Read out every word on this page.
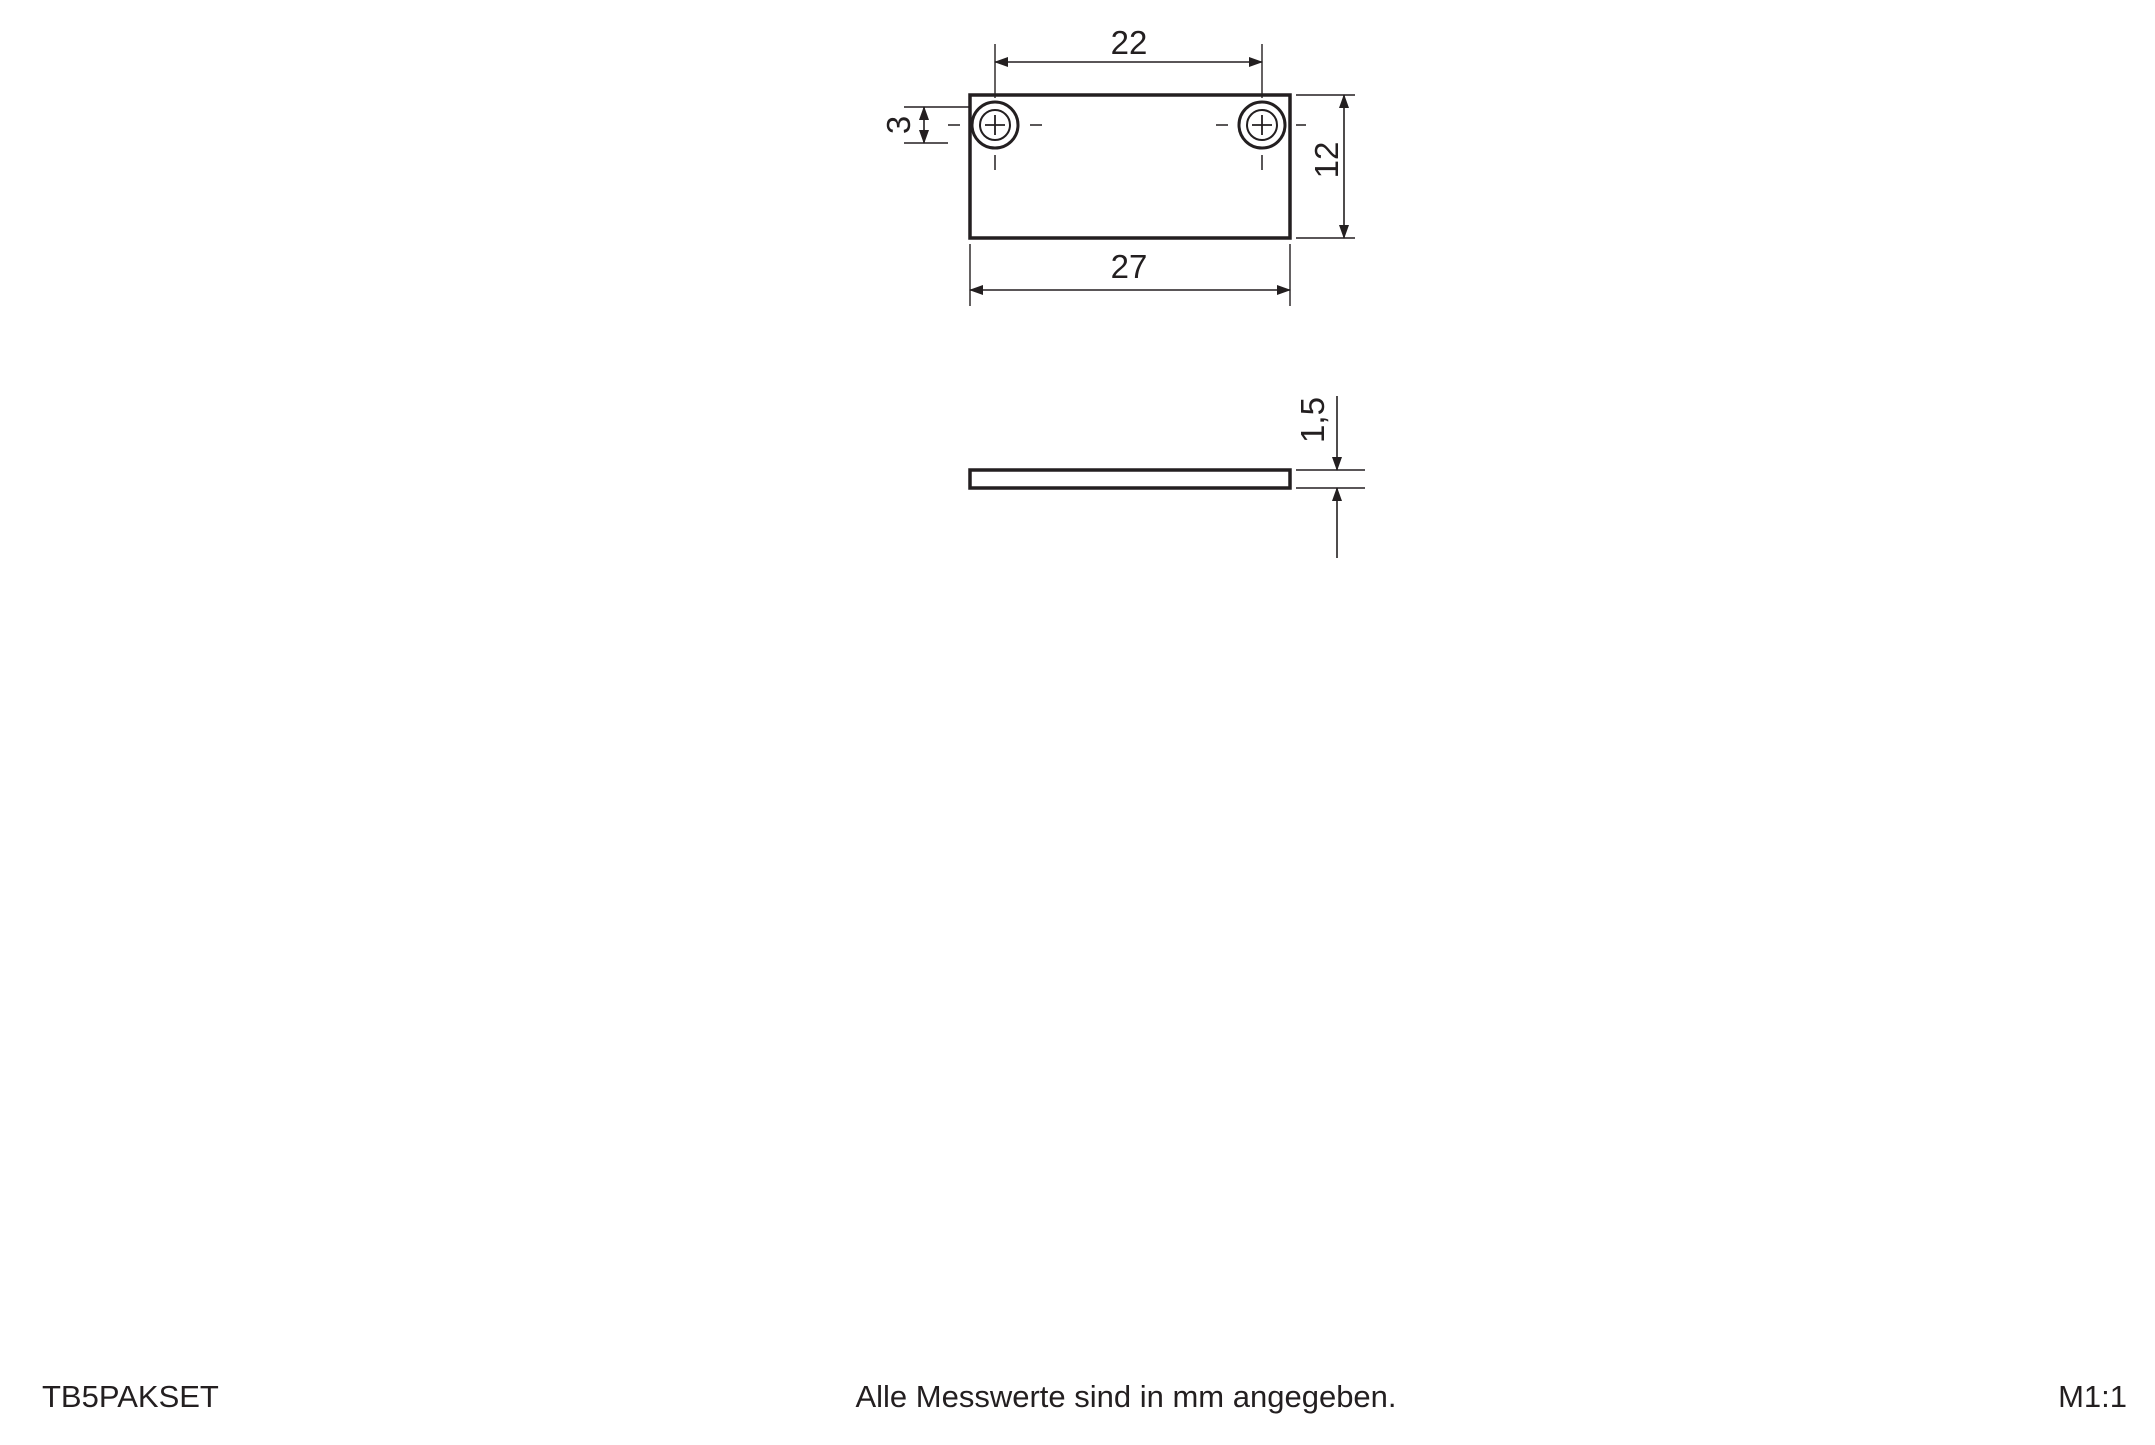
22
3
12
27
1,5
TB5PAKSET	Alle Messwerte sind in mm angegeben.	M1:1
